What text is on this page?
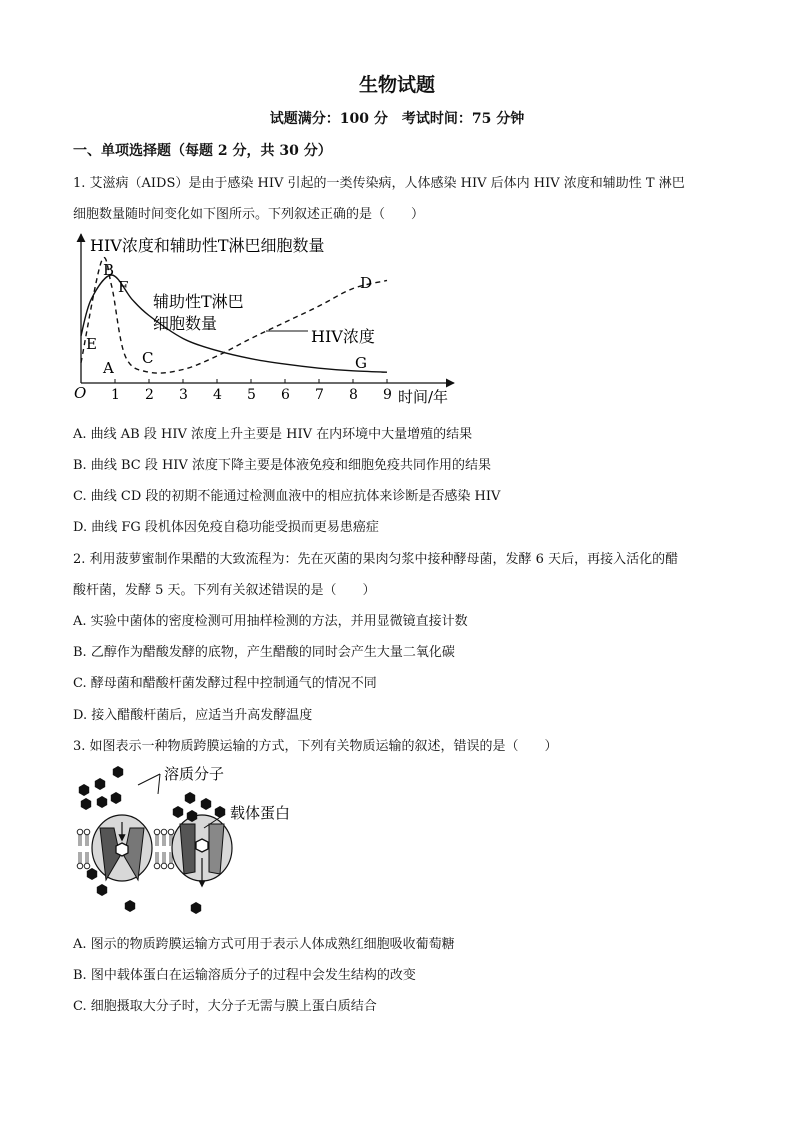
生物试题
试题满分：100 分　考试时间：75 分钟
一、单项选择题（每题 2 分，共 30 分）
1. 艾滋病（AIDS）是由于感染 HIV 引起的一类传染病，人体感染 HIV 后体内 HIV 浓度和辅助性 T 淋巴
细胞数量随时间变化如下图所示。下列叙述正确的是（　　）
HIV浓度和辅助性T淋巴细胞数量
时间/年
O 1 2 3 4 5 6 7 8 9
辅助性T淋巴
细胞数量
HIV浓度
A
B
C
D
E
F
G
A. 曲线 AB 段 HIV 浓度上升主要是 HIV 在内环境中大量增殖的结果
B. 曲线 BC 段 HIV 浓度下降主要是体液免疫和细胞免疫共同作用的结果
C. 曲线 CD 段的初期不能通过检测血液中的相应抗体来诊断是否感染 HIV
D. 曲线 FG 段机体因免疫自稳功能受损而更易患癌症
2. 利用菠萝蜜制作果醋的大致流程为：先在灭菌的果肉匀浆中接种酵母菌，发酵 6 天后，再接入活化的醋
酸杆菌，发酵 5 天。下列有关叙述错误的是（　　）
A. 实验中菌体的密度检测可用抽样检测的方法，并用显微镜直接计数
B. 乙醇作为醋酸发酵的底物，产生醋酸的同时会产生大量二氧化碳
C. 酵母菌和醋酸杆菌发酵过程中控制通气的情况不同
D. 接入醋酸杆菌后，应适当升高发酵温度
3. 如图表示一种物质跨膜运输的方式，下列有关物质运输的叙述，错误的是（　　）
溶质分子
载体蛋白
A. 图示的物质跨膜运输方式可用于表示人体成熟红细胞吸收葡萄糖
B. 图中载体蛋白在运输溶质分子的过程中会发生结构的改变
C. 细胞摄取大分子时，大分子无需与膜上蛋白质结合
